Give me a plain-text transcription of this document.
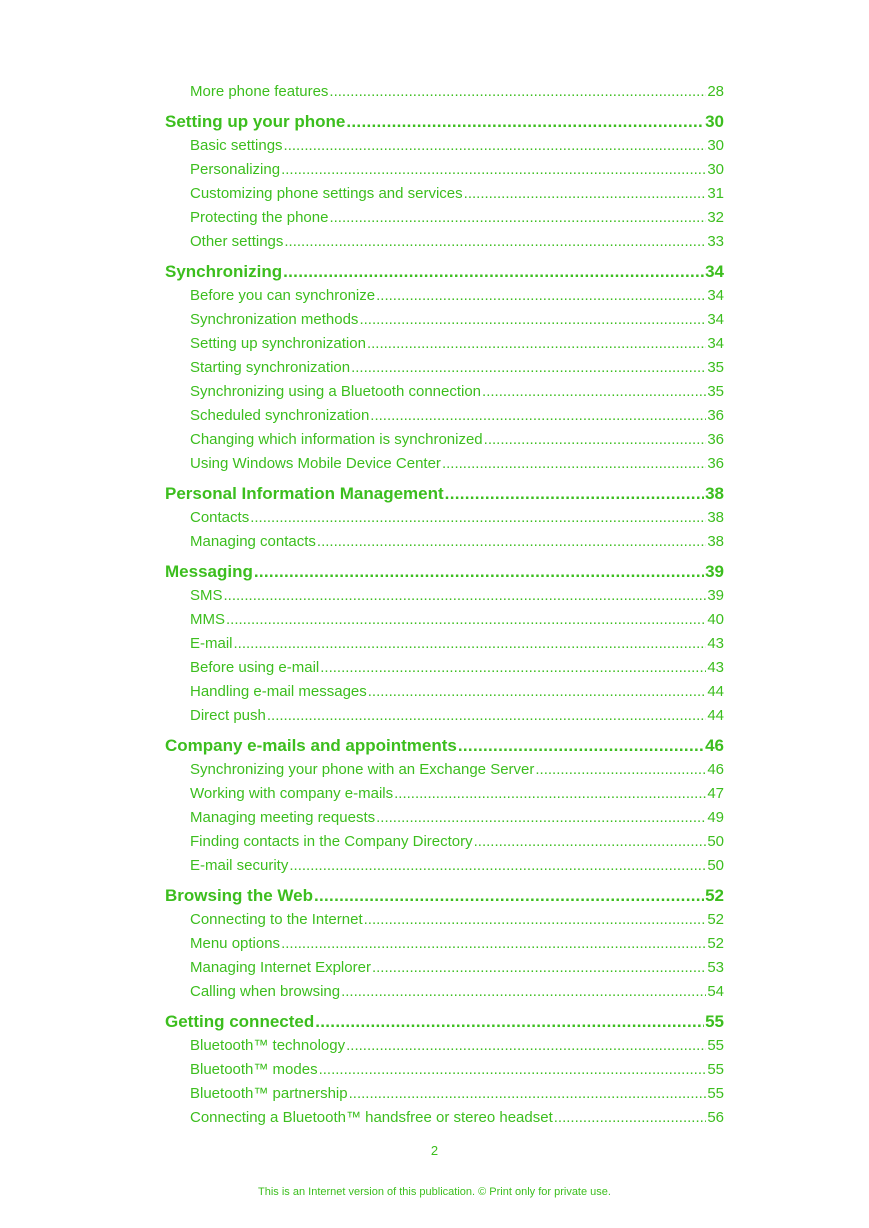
More phone features .....	28
Setting up your phone .....	30
Basic settings .....	30
Personalizing .....	30
Customizing phone settings and services .....	31
Protecting the phone .....	32
Other settings .....	33
Synchronizing .....	34
Before you can synchronize .....	34
Synchronization methods .....	34
Setting up synchronization .....	34
Starting synchronization .....	35
Synchronizing using a Bluetooth connection .....	35
Scheduled synchronization .....	36
Changing which information is synchronized .....	36
Using Windows Mobile Device Center .....	36
Personal Information Management .....	38
Contacts .....	38
Managing contacts .....	38
Messaging .....	39
SMS .....	39
MMS .....	40
E-mail .....	43
Before using e-mail .....	43
Handling e-mail messages .....	44
Direct push .....	44
Company e-mails and appointments .....	46
Synchronizing your phone with an Exchange Server .....	46
Working with company e-mails .....	47
Managing meeting requests .....	49
Finding contacts in the Company Directory .....	50
E-mail security .....	50
Browsing the Web .....	52
Connecting to the Internet .....	52
Menu options .....	52
Managing Internet Explorer .....	53
Calling when browsing .....	54
Getting connected .....	55
Bluetooth™ technology .....	55
Bluetooth™ modes .....	55
Bluetooth™ partnership .....	55
Connecting a Bluetooth™ handsfree or stereo headset .....	56
2
This is an Internet version of this publication. © Print only for private use.
